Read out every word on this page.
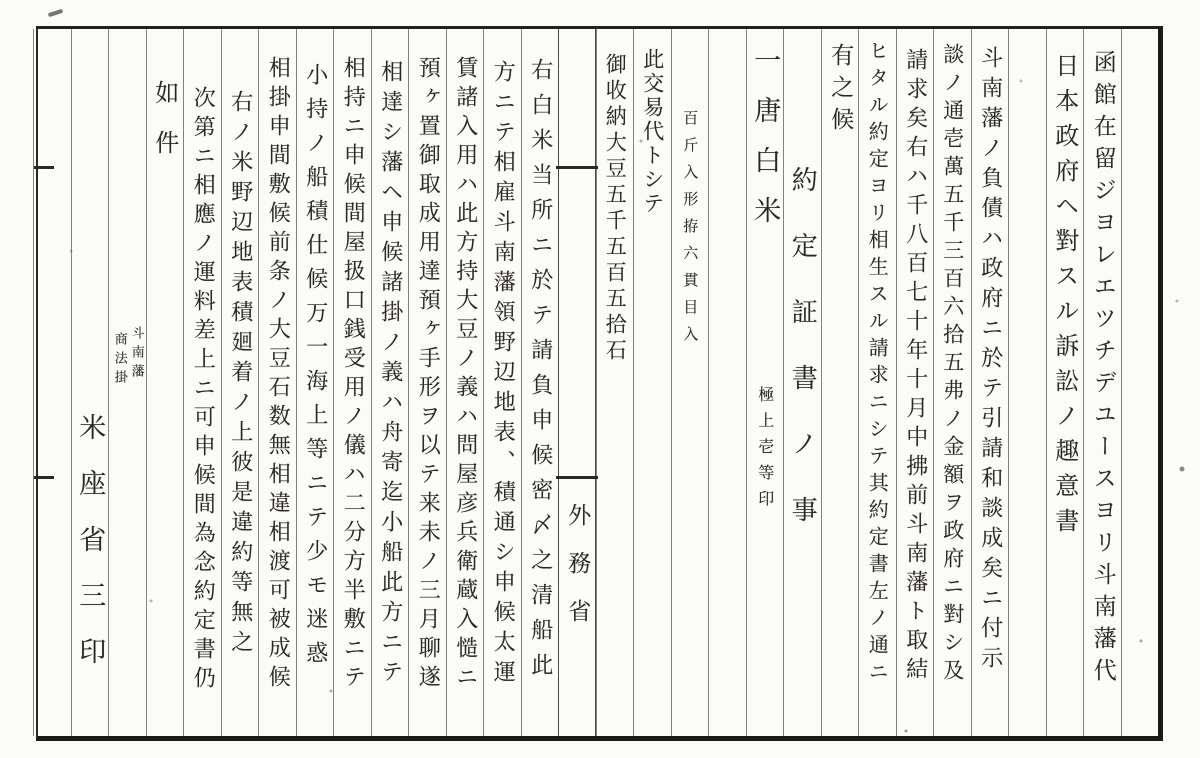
函館在留ジヨレエツチデユースヨリ斗南藩代
日本政府ヘ對スル訴訟ノ趣意書
斗南藩ノ負債ハ政府ニ於テ引請和談成矣ニ付示
談ノ通壱萬五千三百六拾五弗ノ金額ヲ政府ニ對シ及
請求矣右ハ千八百七十年十月中拂前斗南藩ト取結
ヒタル約定ヨリ相生スル請求ニシテ其約定書左ノ通ニ
有之候
約定証書ノ事
一唐白米
極上壱等印
百斤入形拵六貫目入
此交易代トシテ
御收納大豆五千五百五拾石
外務省
右白米当所ニ於テ請負申候密〆之清船此
方ニテ相雇斗南藩領野辺地表、積通シ申候太運
賃諸入用ハ此方持大豆ノ義ハ問屋彦兵衛蔵入慥ニ
預ヶ置御取成用達預ヶ手形ヲ以テ来未ノ三月聊遂
相達シ藩ヘ申候諸掛ノ義ハ舟寄迄小船此方ニテ
相持ニ申候間屋扱口銭受用ノ儀ハ二分方半敷ニテ
小持ノ船積仕候万一海上等ニテ少モ迷惑
相掛申間敷候前条ノ大豆石数無相違相渡可被成候
右ノ米野辺地表積廻着ノ上彼是違約等無之
次第ニ相應ノ運料差上ニ可申候間為念約定書仍
如件
斗南藩
商法掛
米座省三印
